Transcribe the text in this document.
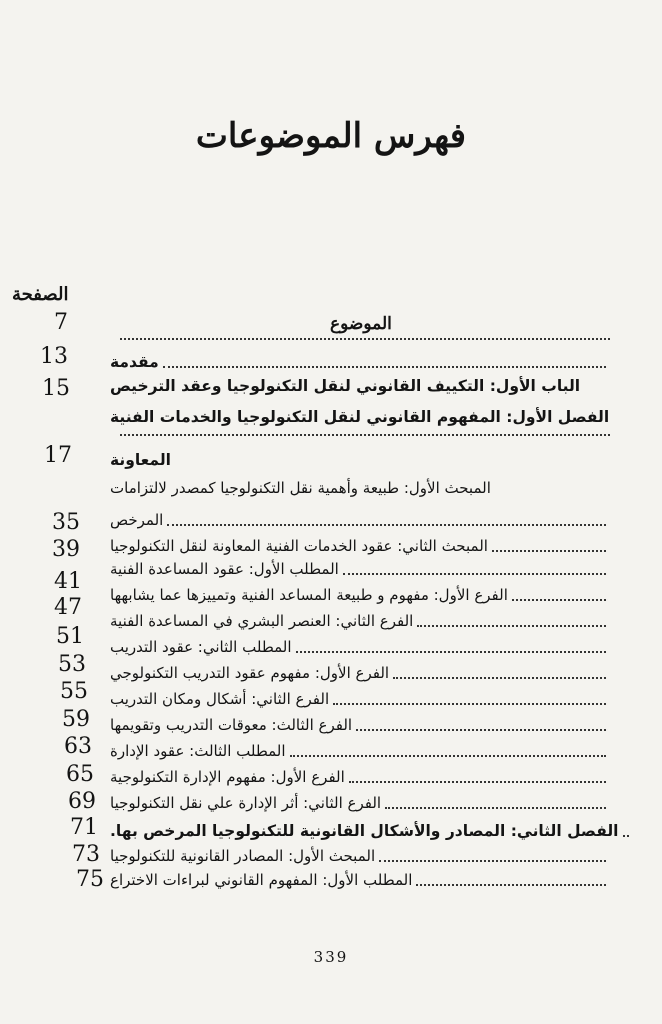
فهرس الموضوعات
الصفحة
الموضوع
مقدمة
الباب الأول: التكييف القانوني لنقل التكنولوجيا وعقد الترخيص
الفصل الأول: المفهوم القانوني لنقل التكنولوجيا والخدمات الفنية
المعاونة
المبحث الأول: طبيعة وأهمية نقل التكنولوجيا كمصدر لالتزامات
المرخص
المبحث الثاني: عقود الخدمات الفنية المعاونة لنقل التكنولوجيا
المطلب الأول: عقود المساعدة الفنية
الفرع الأول: مفهوم و طبيعة المساعد الفنية وتمييزها عما يشابهها
الفرع الثاني: العنصر البشري في المساعدة الفنية
المطلب الثاني: عقود التدريب
الفرع الأول: مفهوم عقود التدريب التكنولوجي
الفرع الثاني: أشكال ومكان التدريب
الفرع الثالث: معوقات التدريب وتقويمها
المطلب الثالث: عقود الإدارة
الفرع الأول: مفهوم الإدارة التكنولوجية
الفرع الثاني: أثر الإدارة علي نقل التكنولوجيا
الفصل الثاني: المصادر والأشكال القانونية للتكنولوجيا المرخص بها.
المبحث الأول: المصادر القانونية للتكنولوجيا
المطلب الأول: المفهوم القانوني لبراءات الاختراع
7
13
15
17
35
39
41
47
51
53
55
59
63
65
69
71
73
75
339
